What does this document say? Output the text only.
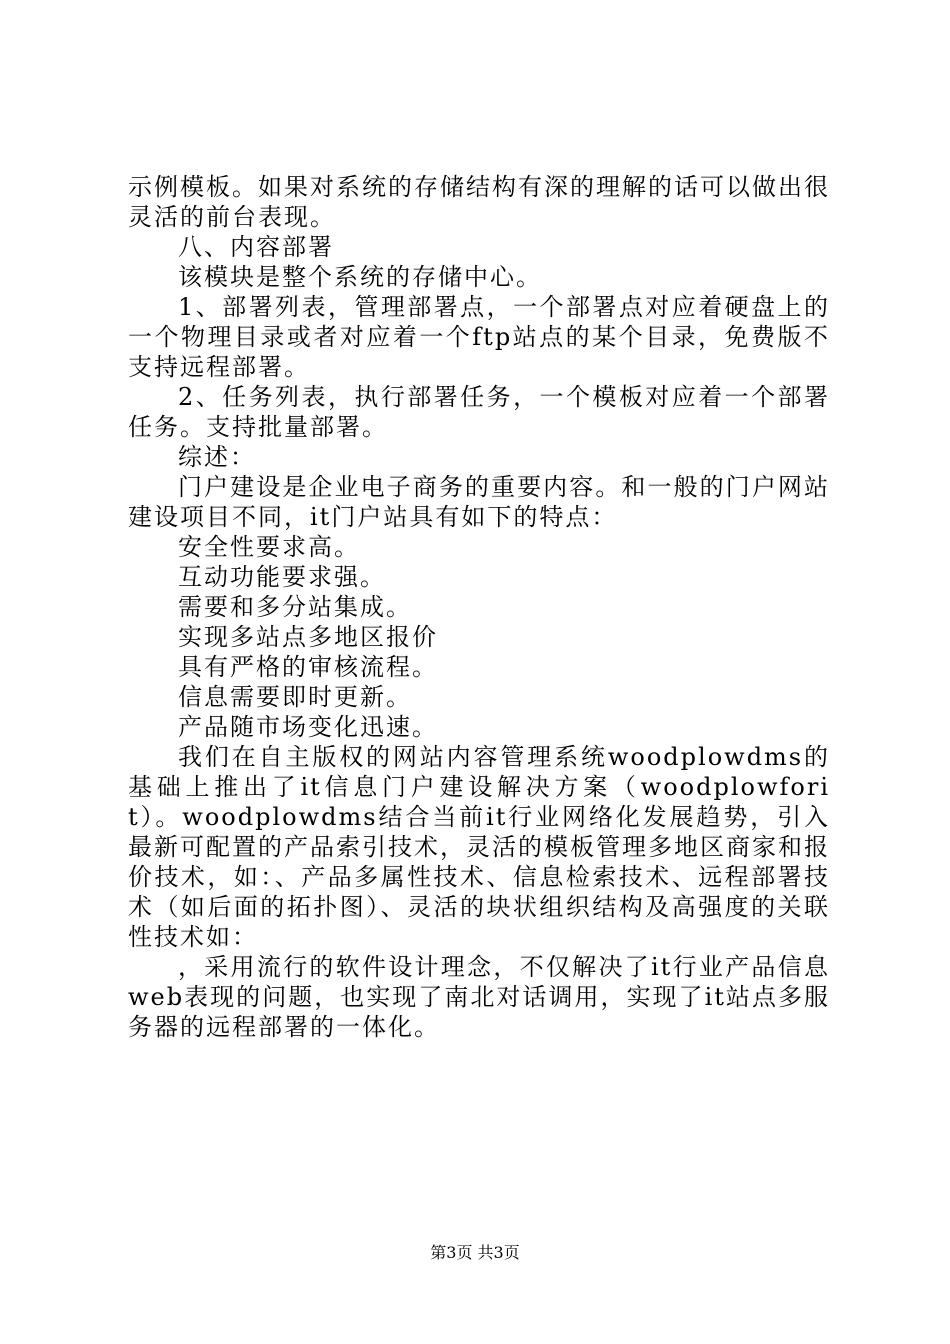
示例模板。如果对系统的存储结构有深的理解的话可以做出很灵活的前台表现。

八、内容部署

该模块是整个系统的存储中心。

1、部署列表，管理部署点，一个部署点对应着硬盘上的一个物理目录或者对应着一个ftp站点的某个目录，免费版不支持远程部署。

2、任务列表，执行部署任务，一个模板对应着一个部署任务。支持批量部署。

综述：

门户建设是企业电子商务的重要内容。和一般的门户网站建设项目不同，it门户站具有如下的特点：

安全性要求高。

互动功能要求强。

需要和多分站集成。

实现多站点多地区报价

具有严格的审核流程。

信息需要即时更新。

产品随市场变化迅速。

我们在自主版权的网站内容管理系统woodplowdms的基础上推出了it信息门户建设解决方案（woodplowforit）。woodplowdms结合当前it行业网络化发展趋势，引入最新可配置的产品索引技术，灵活的模板管理多地区商家和报价技术，如：、产品多属性技术、信息检索技术、远程部署技术（如后面的拓扑图）、灵活的块状组织结构及高强度的关联性技术如：

，采用流行的软件设计理念，不仅解决了it行业产品信息web表现的问题，也实现了南北对话调用，实现了it站点多服务器的远程部署的一体化。

第3页 共3页
